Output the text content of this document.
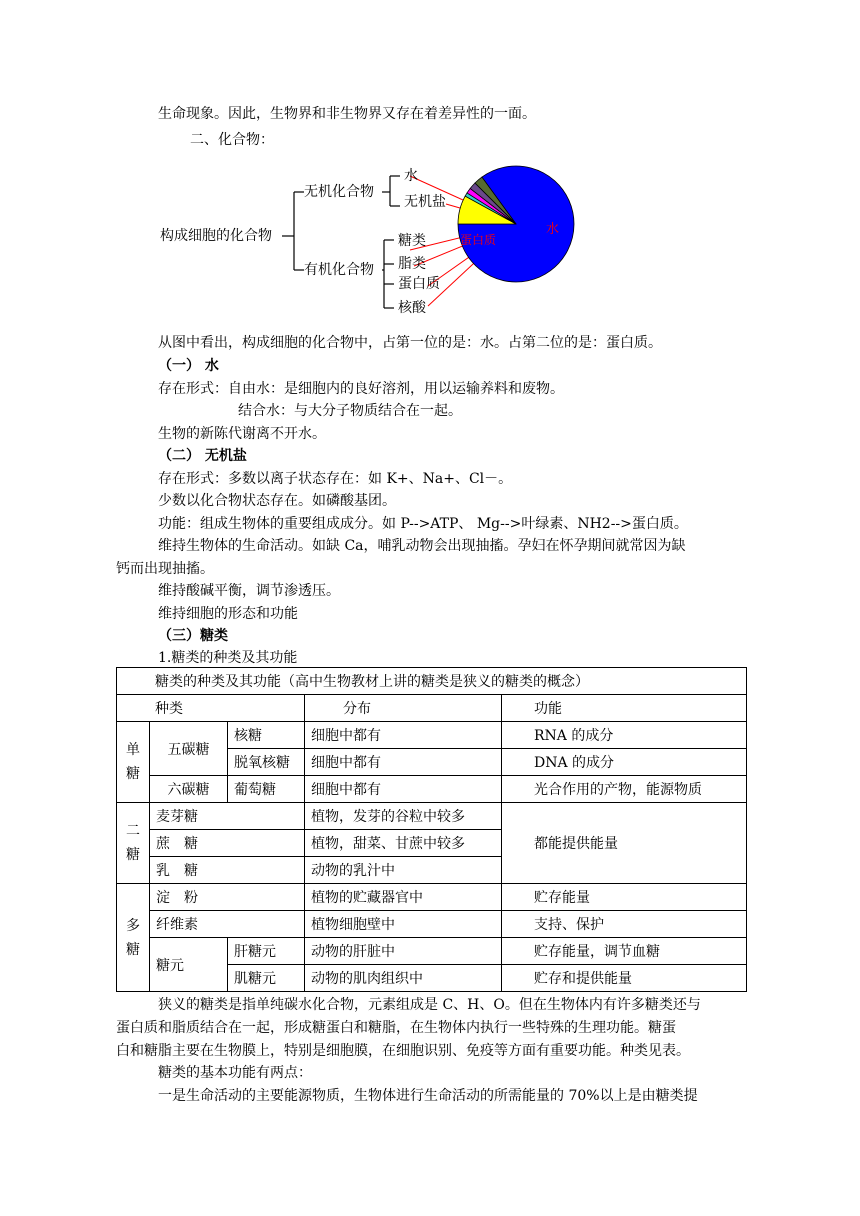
生命现象。因此，生物界和非生物界又存在着差异性的一面。
二、化合物：
构成细胞的化合物
无机化合物
有机化合物
水
无机盐
糖类
脂类
蛋白质
核酸
水
蛋白质
从图中看出，构成细胞的化合物中，占第一位的是：水。占第二位的是：蛋白质。
（一） 水
存在形式：自由水：是细胞内的良好溶剂，用以运输养料和废物。
结合水：与大分子物质结合在一起。
生物的新陈代谢离不开水。
（二） 无机盐
存在形式：多数以离子状态存在：如 K+、Na+、Cl－。
少数以化合物状态存在。如磷酸基团。
功能：组成生物体的重要组成成分。如 P-->ATP、 Mg-->叶绿素、NH2-->蛋白质。
维持生物体的生命活动。如缺 Ca，哺乳动物会出现抽搐。孕妇在怀孕期间就常因为缺
钙而出现抽搐。
维持酸碱平衡，调节渗透压。
维持细胞的形态和功能
（三）糖类
1.糖类的种类及其功能
糖类的种类及其功能（高中生物教材上讲的糖类是狭义的糖类的概念）				
种类			分布	功能
单糖	五碳糖	核糖	细胞中都有	RNA 的成分
		脱氧核糖	细胞中都有	DNA 的成分
	六碳糖	葡萄糖	细胞中都有	光合作用的产物，能源物质
二糖	麦芽糖		植物，发芽的谷粒中较多	都能提供能量
	蔗　糖		植物，甜菜、甘蔗中较多	
	乳　糖		动物的乳汁中	
多糖	淀　粉		植物的贮藏器官中	贮存能量
	纤维素		植物细胞壁中	支持、保护
	糖元	肝糖元	动物的肝脏中	贮存能量，调节血糖
		肌糖元	动物的肌肉组织中	贮存和提供能量
狭义的糖类是指单纯碳水化合物，元素组成是 C、H、O。但在生物体内有许多糖类还与
蛋白质和脂质结合在一起，形成糖蛋白和糖脂，在生物体内执行一些特殊的生理功能。糖蛋
白和糖脂主要在生物膜上，特别是细胞膜，在细胞识别、免疫等方面有重要功能。种类见表。
糖类的基本功能有两点：
一是生命活动的主要能源物质，生物体进行生命活动的所需能量的 70%以上是由糖类提
